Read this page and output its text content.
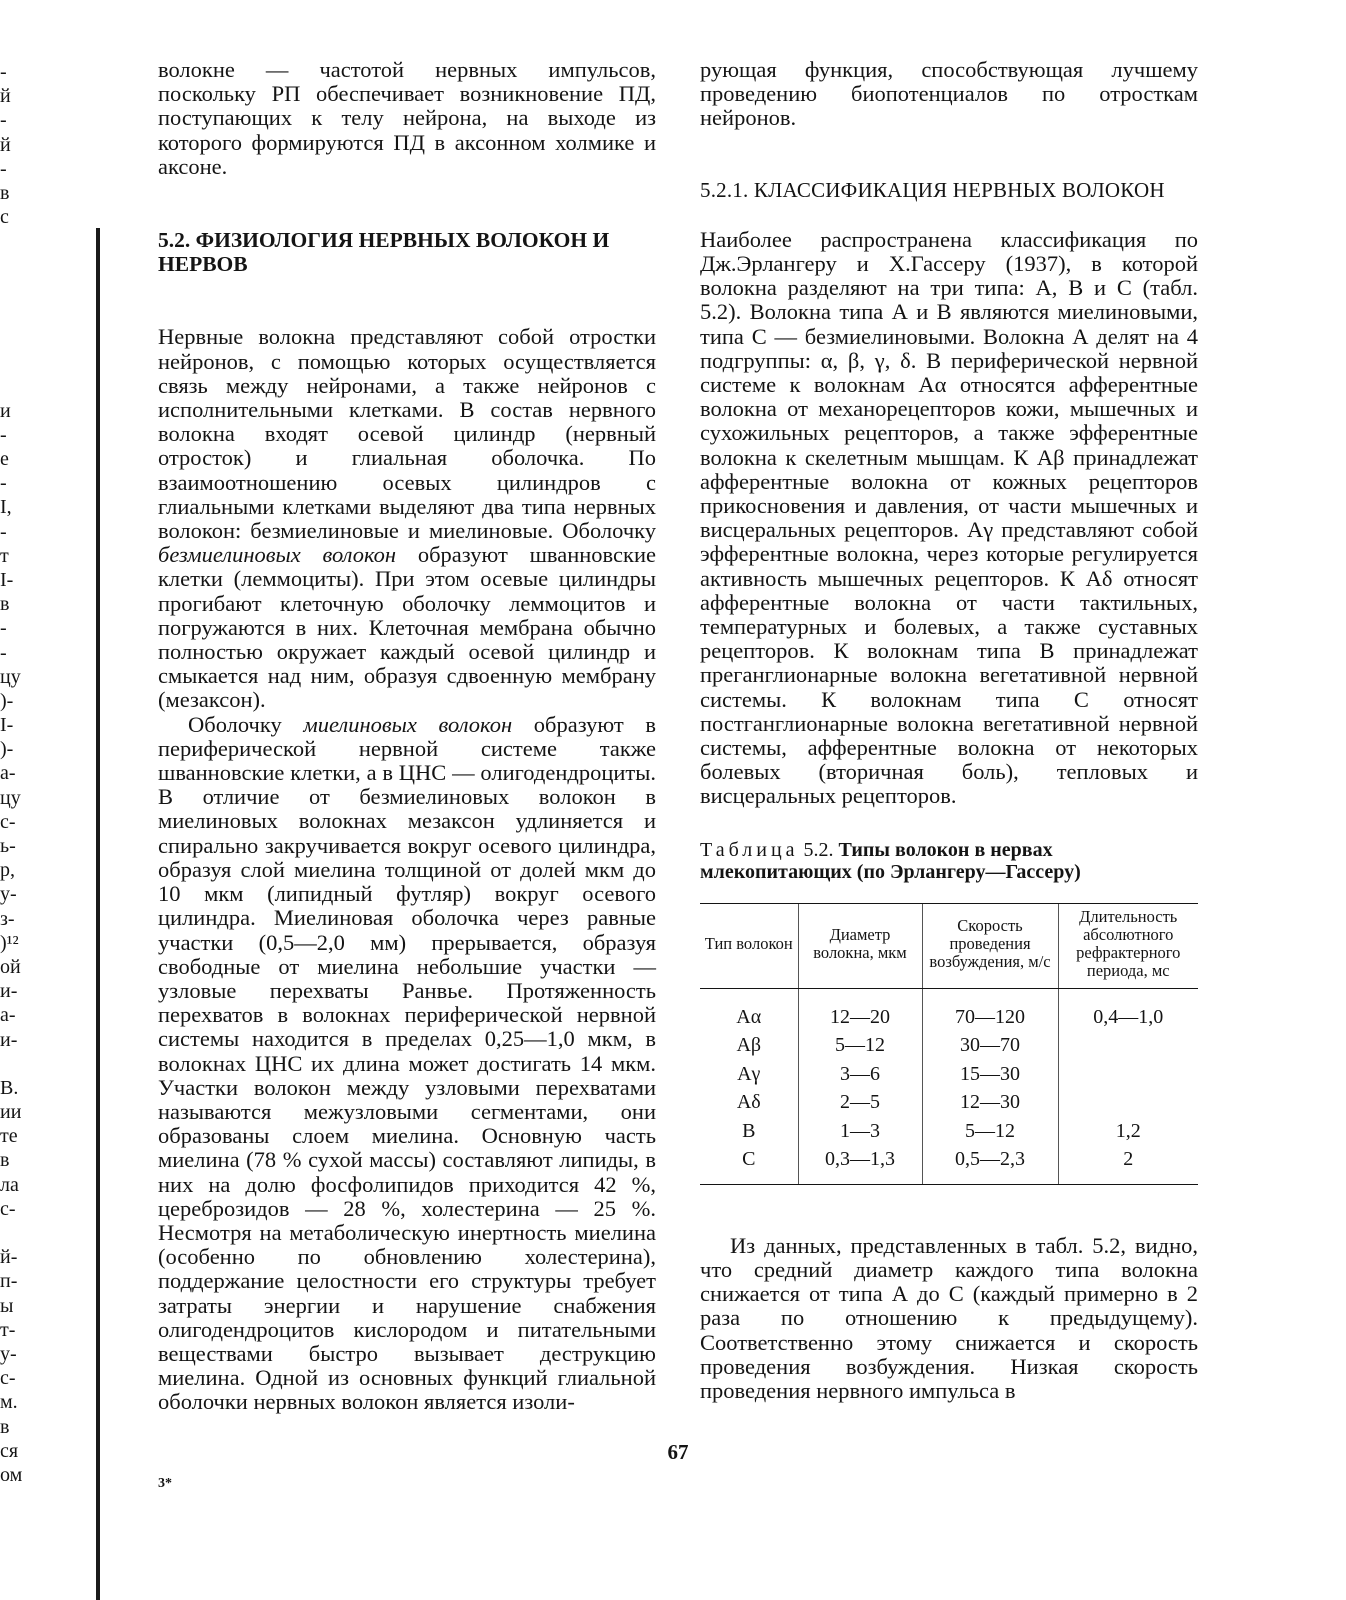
-
й
-
й
-
в
с
и
-
е
-
I,
-
т
I-
в
-
-
цу
)-
I-
)-
а-
цу
с-
ь-
р,
у-
з-
)¹²
ой
и-
а-
и-
В.
ии
те
в
ла
с-
й-
п-
ы
т-
у-
с-
м.
в
ся
ом

волокне — частотой нервных импульсов, поскольку РП обеспечивает возникновение ПД, поступающих к телу нейрона, на выходе из которого формируются ПД в аксонном холмике и аксоне.

5.2. ФИЗИОЛОГИЯ НЕРВНЫХ ВОЛОКОН И НЕРВОВ

Нервные волокна представляют собой отростки нейронов, с помощью которых осуществляется связь между нейронами, а также нейронов с исполнительными клетками. В состав нервного волокна входят осевой цилиндр (нервный отросток) и глиальная оболочка. По взаимоотношению осевых цилиндров с глиальными клетками выделяют два типа нервных волокон: безмиелиновые и миелиновые. Оболочку безмиелиновых волокон образуют шванновские клетки (леммоциты). При этом осевые цилиндры прогибают клеточную оболочку леммоцитов и погружаются в них. Клеточная мембрана обычно полностью окружает каждый осевой цилиндр и смыкается над ним, образуя сдвоенную мембрану (мезаксон).

Оболочку миелиновых волокон образуют в периферической нервной системе также шванновские клетки, а в ЦНС — олигодендроциты. В отличие от безмиелиновых волокон в миелиновых волокнах мезаксон удлиняется и спирально закручивается вокруг осевого цилиндра, образуя слой миелина толщиной от долей мкм до 10 мкм (липидный футляр) вокруг осевого цилиндра. Миелиновая оболочка через равные участки (0,5—2,0 мм) прерывается, образуя свободные от миелина небольшие участки — узловые перехваты Ранвье. Протяженность перехватов в волокнах периферической нервной системы находится в пределах 0,25—1,0 мкм, в волокнах ЦНС их длина может достигать 14 мкм. Участки волокон между узловыми перехватами называются межузловыми сегментами, они образованы слоем миелина. Основную часть миелина (78 % сухой массы) составляют липиды, в них на долю фосфолипидов приходится 42 %, цереброзидов — 28 %, холестерина — 25 %. Несмотря на метаболическую инертность миелина (особенно по обновлению холестерина), поддержание целостности его структуры требует затраты энергии и нарушение снабжения олигодендроцитов кислородом и питательными веществами быстро вызывает деструкцию миелина. Одной из основных функций глиальной оболочки нервных волокон является изоли-

рующая функция, способствующая лучшему проведению биопотенциалов по отросткам нейронов.

5.2.1. КЛАССИФИКАЦИЯ НЕРВНЫХ ВОЛОКОН

Наиболее распространена классификация по Дж.Эрлангеру и Х.Гассеру (1937), в которой волокна разделяют на три типа: А, В и С (табл. 5.2). Волокна типа А и В являются миелиновыми, типа С — безмиелиновыми. Волокна А делят на 4 подгруппы: α, β, γ, δ. В периферической нервной системе к волокнам Аα относятся афферентные волокна от механорецепторов кожи, мышечных и сухожильных рецепторов, а также эфферентные волокна к скелетным мышцам. К Аβ принадлежат афферентные волокна от кожных рецепторов прикосновения и давления, от части мышечных и висцеральных рецепторов. Аγ представляют собой эфферентные волокна, через которые регулируется активность мышечных рецепторов. К Аδ относят афферентные волокна от части тактильных, температурных и болевых, а также суставных рецепторов. К волокнам типа В принадлежат преганглионарные волокна вегетативной нервной системы. К волокнам типа С относят постганглионарные волокна вегетативной нервной системы, афферентные волокна от некоторых болевых (вторичная боль), тепловых и висцеральных рецепторов.

Таблица 5.2. Типы волокон в нервах млекопитающих (по Эрлангеру—Гассеру)

Тип волокон	Диаметр волокна, мкм	Скорость проведения возбуждения, м/с	Длительность абсолютного рефрактерного периода, мс
Аα	12—20	70—120	0,4—1,0
Аβ	5—12	30—70	
Аγ	3—6	15—30	
Аδ	2—5	12—30	
В	1—3	5—12	1,2
С	0,3—1,3	0,5—2,3	2

Из данных, представленных в табл. 5.2, видно, что средний диаметр каждого типа волокна снижается от типа А до С (каждый примерно в 2 раза по отношению к предыдущему). Соответственно этому снижается и скорость проведения возбуждения. Низкая скорость проведения нервного импульса в

67
3*
